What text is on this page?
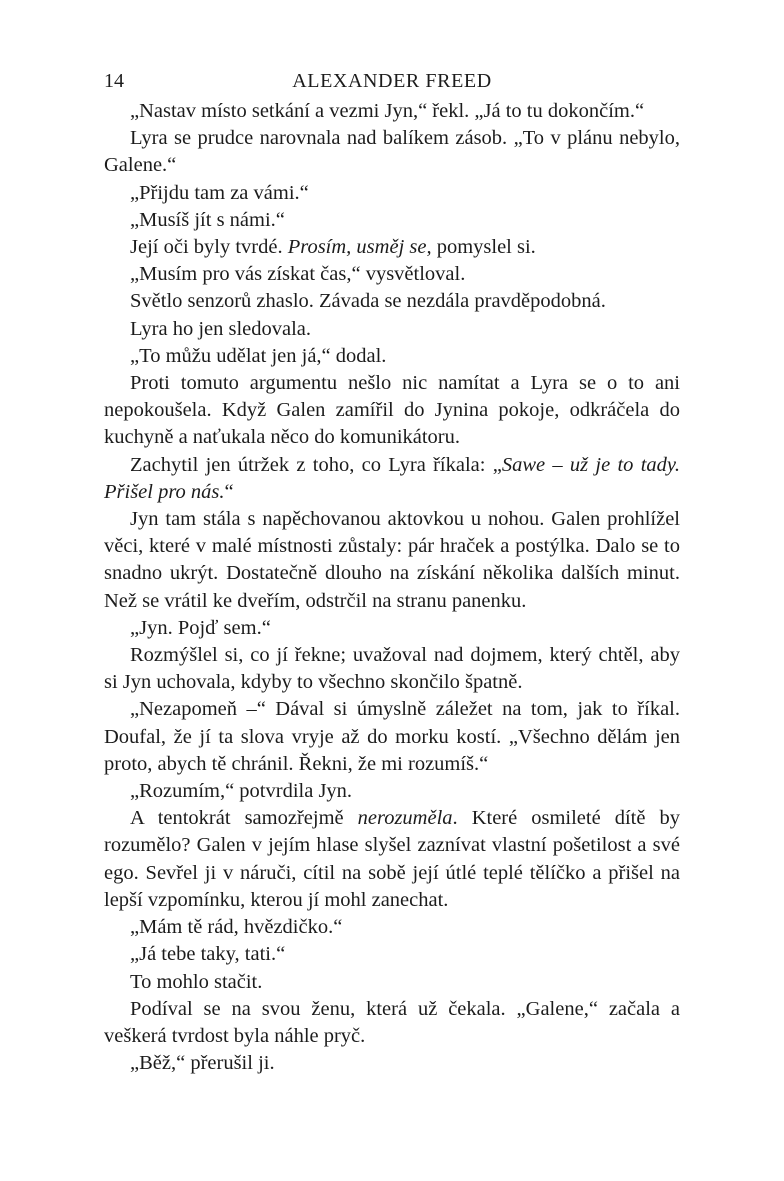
14	ALEXANDER FREED

„Nastav místo setkání a vezmi Jyn,“ řekl. „Já to tu dokončím.“

Lyra se prudce narovnala nad balíkem zásob. „To v plánu nebylo, Galene.“

„Přijdu tam za vámi.“

„Musíš jít s námi.“

Její oči byly tvrdé. Prosím, usměj se, pomyslel si.

„Musím pro vás získat čas,“ vysvětloval.

Světlo senzorů zhaslo. Závada se nezdála pravděpodobná.

Lyra ho jen sledovala.

„To můžu udělat jen já,“ dodal.

Proti tomuto argumentu nešlo nic namítat a Lyra se o to ani nepokoušela. Když Galen zamířil do Jynina pokoje, odkráčela do kuchyně a naťukala něco do komunikátoru.

Zachytil jen útržek z toho, co Lyra říkala: „Sawe – už je to tady. Přišel pro nás.“

Jyn tam stála s napěchovanou aktovkou u nohou. Galen prohlížel věci, které v malé místnosti zůstaly: pár hraček a postýlka. Dalo se to snadno ukrýt. Dostatečně dlouho na získání několika dalších minut. Než se vrátil ke dveřím, odstrčil na stranu panenku.

„Jyn. Pojď sem.“

Rozmýšlel si, co jí řekne; uvažoval nad dojmem, který chtěl, aby si Jyn uchovala, kdyby to všechno skončilo špatně.

„Nezapomeň –“ Dával si úmyslně záležet na tom, jak to říkal. Doufal, že jí ta slova vryje až do morku kostí. „Všechno dělám jen proto, abych tě chránil. Řekni, že mi rozumíš.“

„Rozumím,“ potvrdila Jyn.

A tentokrát samozřejmě nerozuměla. Které osmileté dítě by rozumělo? Galen v jejím hlase slyšel zaznívat vlastní pošetilost a své ego. Sevřel ji v náruči, cítil na sobě její útlé teplé tělíčko a přišel na lepší vzpomínku, kterou jí mohl zanechat.

„Mám tě rád, hvězdičko.“

„Já tebe taky, tati.“

To mohlo stačit.

Podíval se na svou ženu, která už čekala. „Galene,“ začala a veškerá tvrdost byla náhle pryč.

„Běž,“ přerušil ji.
